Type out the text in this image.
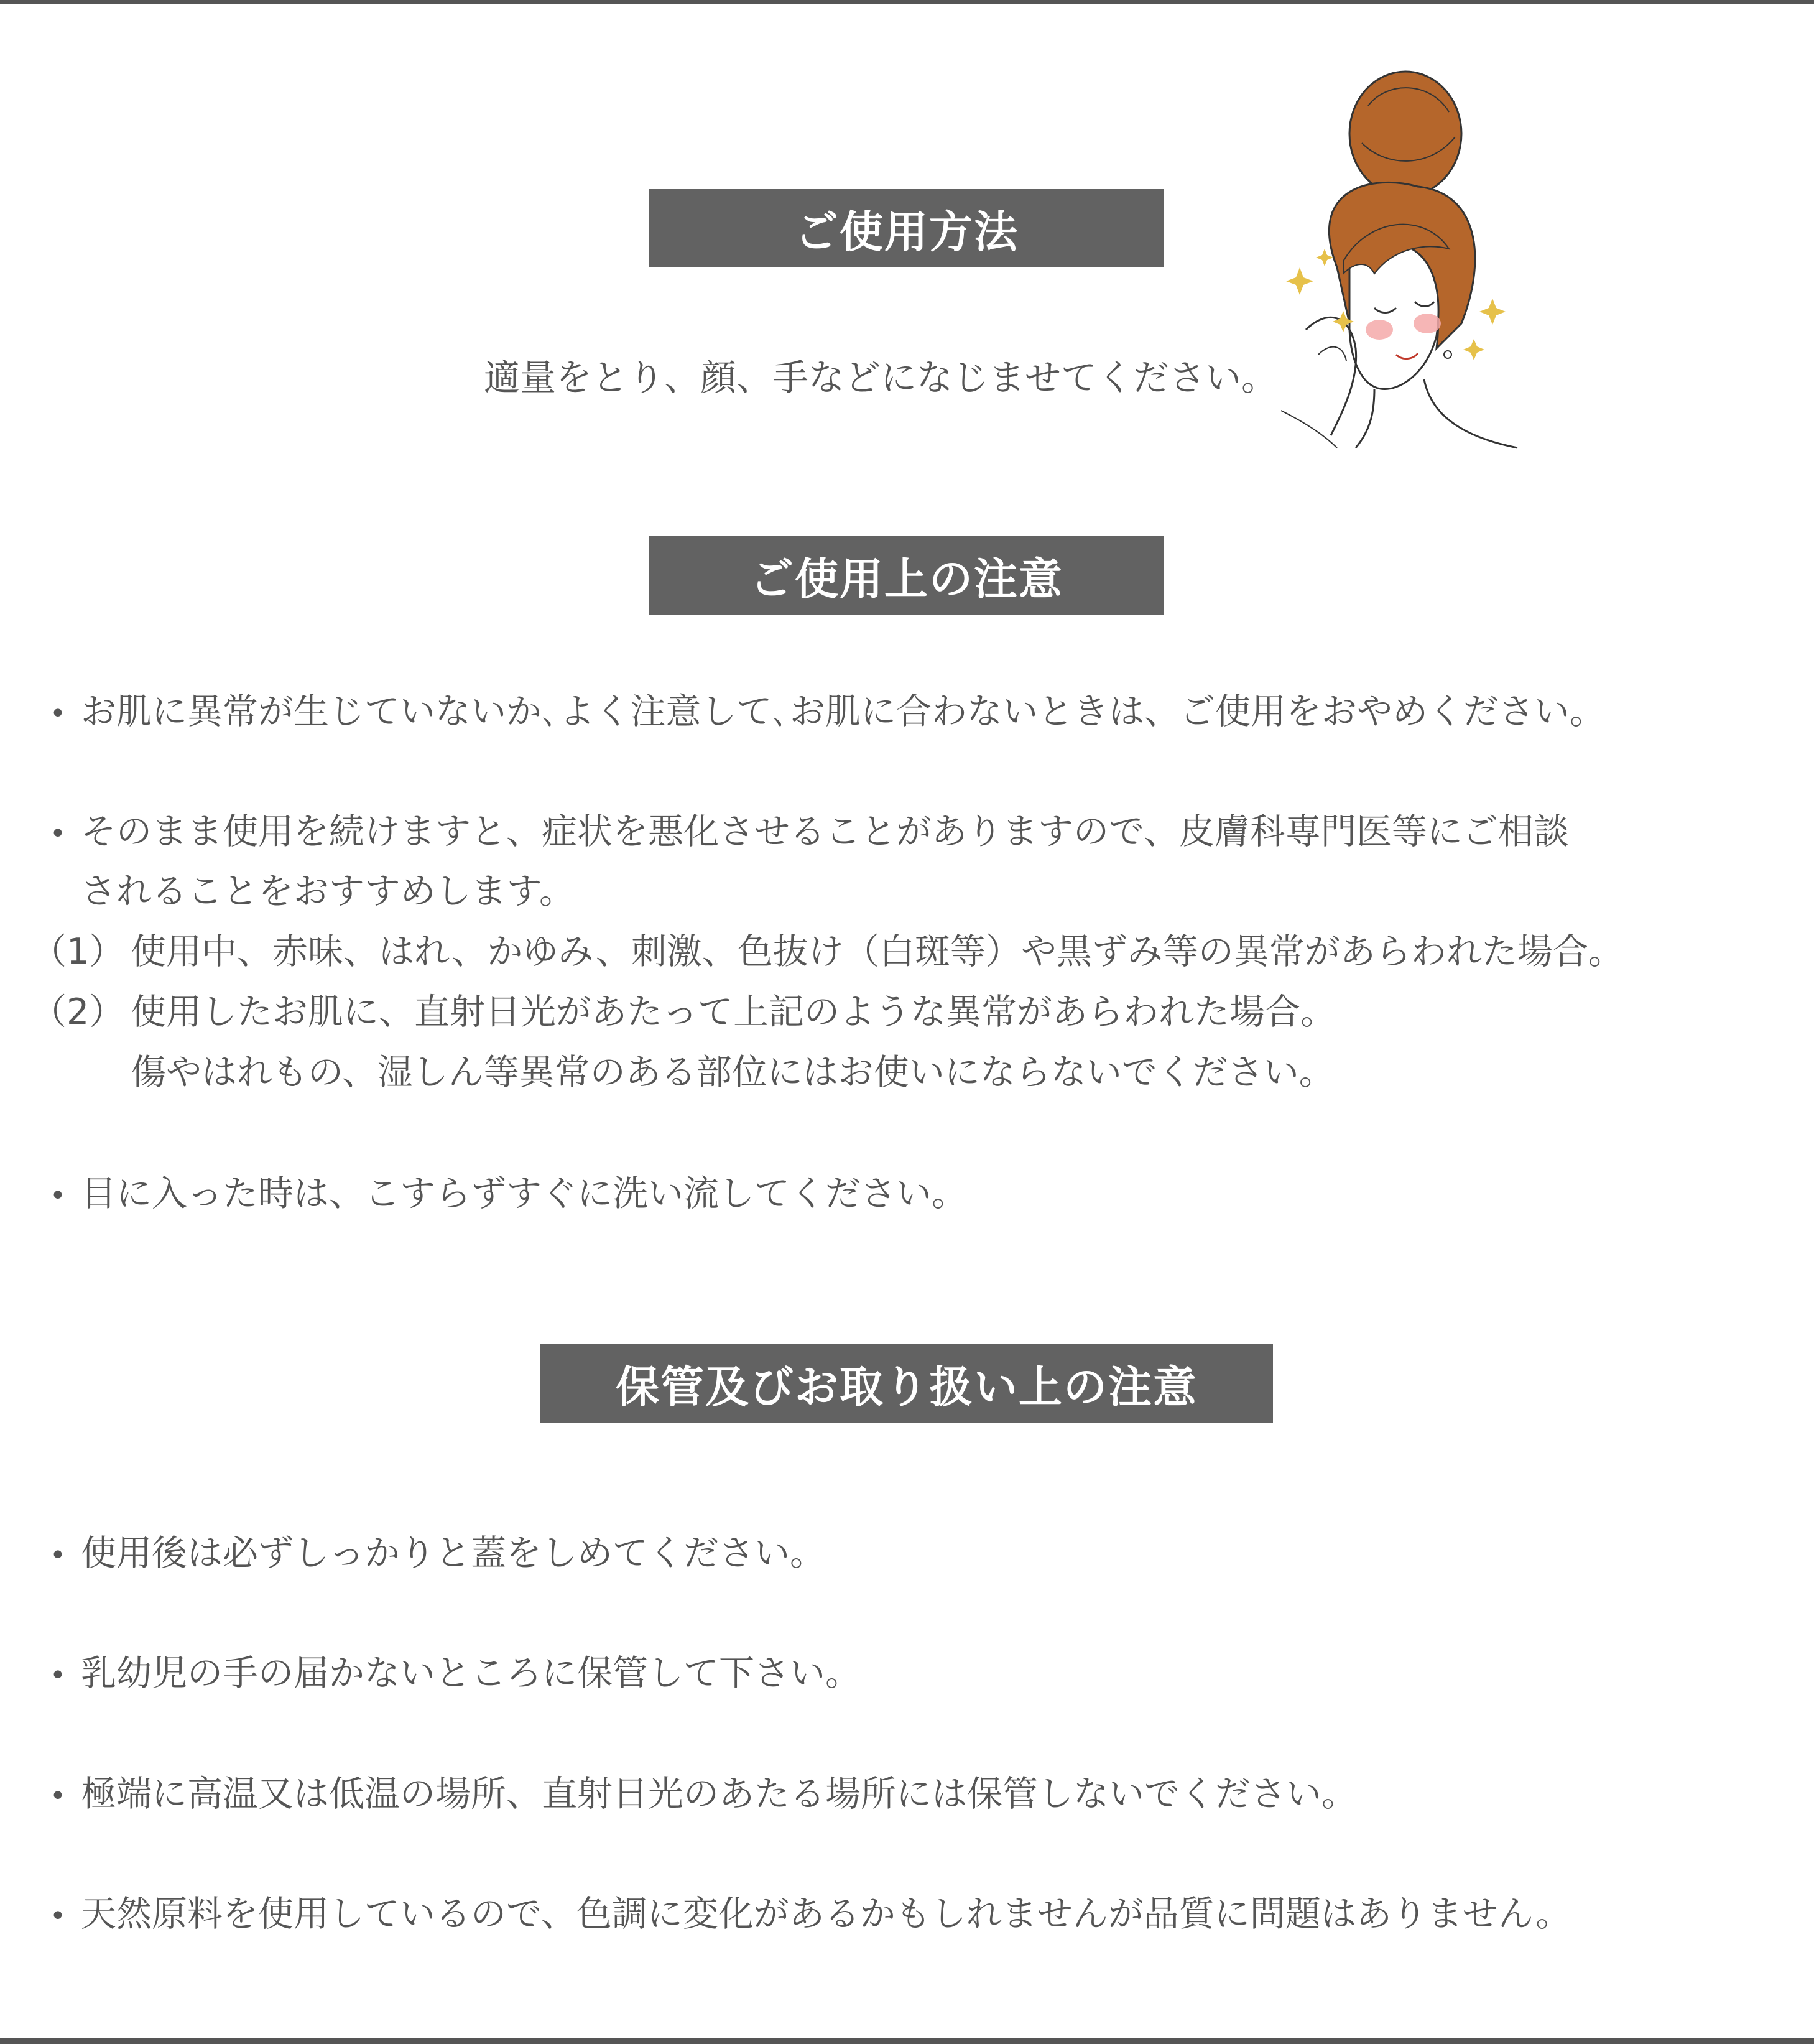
ご使用方法
適量をとり、顔、手などになじませてください。
ご使用上の注意
• お肌に異常が生じていないか､よく注意して､お肌に合わないときは、ご使用をおやめください。
• そのまま使用を続けますと、症状を悪化させることがありますので、皮膚科専門医等にご相談
されることをおすすめします。
（1） 使用中、赤味、はれ、かゆみ、刺激、色抜け（白斑等）や黒ずみ等の異常があらわれた場合。
（2） 使用したお肌に、直射日光があたって上記のような異常があらわれた場合。
傷やはれもの、湿しん等異常のある部位にはお使いにならないでください。
• 目に入った時は、こすらずすぐに洗い流してください。
保管及びお取り扱い上の注意
• 使用後は必ずしっかりと蓋をしめてください。
• 乳幼児の手の届かないところに保管して下さい。
• 極端に高温又は低温の場所、直射日光のあたる場所には保管しないでください。
• 天然原料を使用しているので、色調に変化があるかもしれませんが品質に問題はありません。
